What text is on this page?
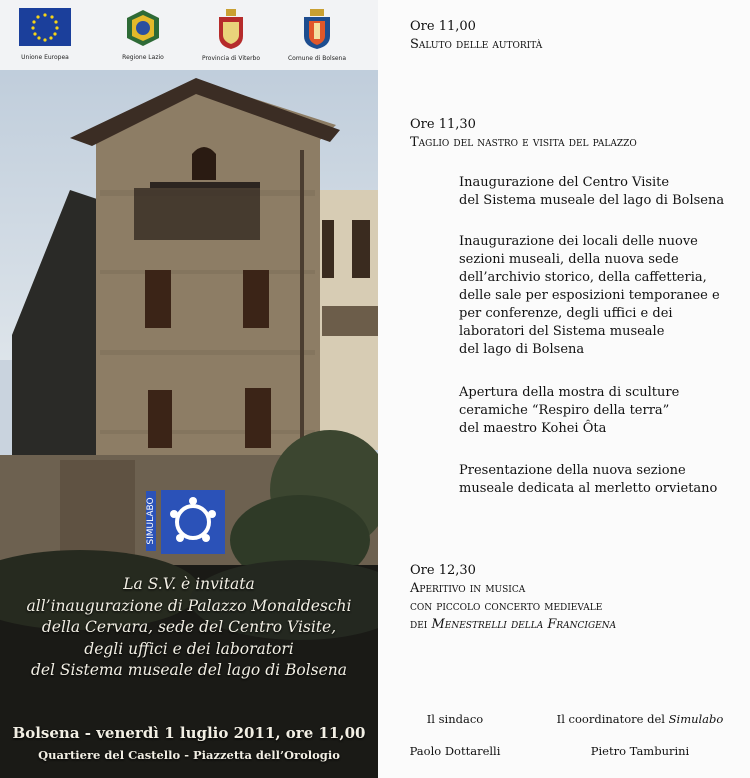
Unione Europea	Regione Lazio	Provincia di Viterbo	Comune di Bolsena
SIMULABO
La S.V. è invitata
all’inaugurazione di Palazzo Monaldeschi
della Cervara, sede del Centro Visite,
degli uffici e dei laboratori
del Sistema museale del lago di Bolsena
Bolsena - venerdì 1 luglio 2011, ore 11,00
Quartiere del Castello - Piazzetta dell’Orologio
Ore 11,00
Saluto delle autorità
Ore 11,30
Taglio del nastro e visita del palazzo
Inaugurazione del Centro Visite
del Sistema museale del lago di Bolsena
Inaugurazione dei locali delle nuove
sezioni museali, della nuova sede
dell’archivio storico, della caffetteria,
delle sale per esposizioni temporanee e
per conferenze, degli uffici e dei
laboratori del Sistema museale
del lago di Bolsena
Apertura della mostra di sculture
ceramiche “Respiro della terra”
del maestro Kohei Ôta
Presentazione della nuova sezione
museale dedicata al merletto orvietano
Ore 12,30
Aperitivo in musica
con piccolo concerto medievale
dei Menestrelli della Francigena

Il sindaco

Paolo Dottarelli

Il coordinatore del Simulabo

Pietro Tamburini
